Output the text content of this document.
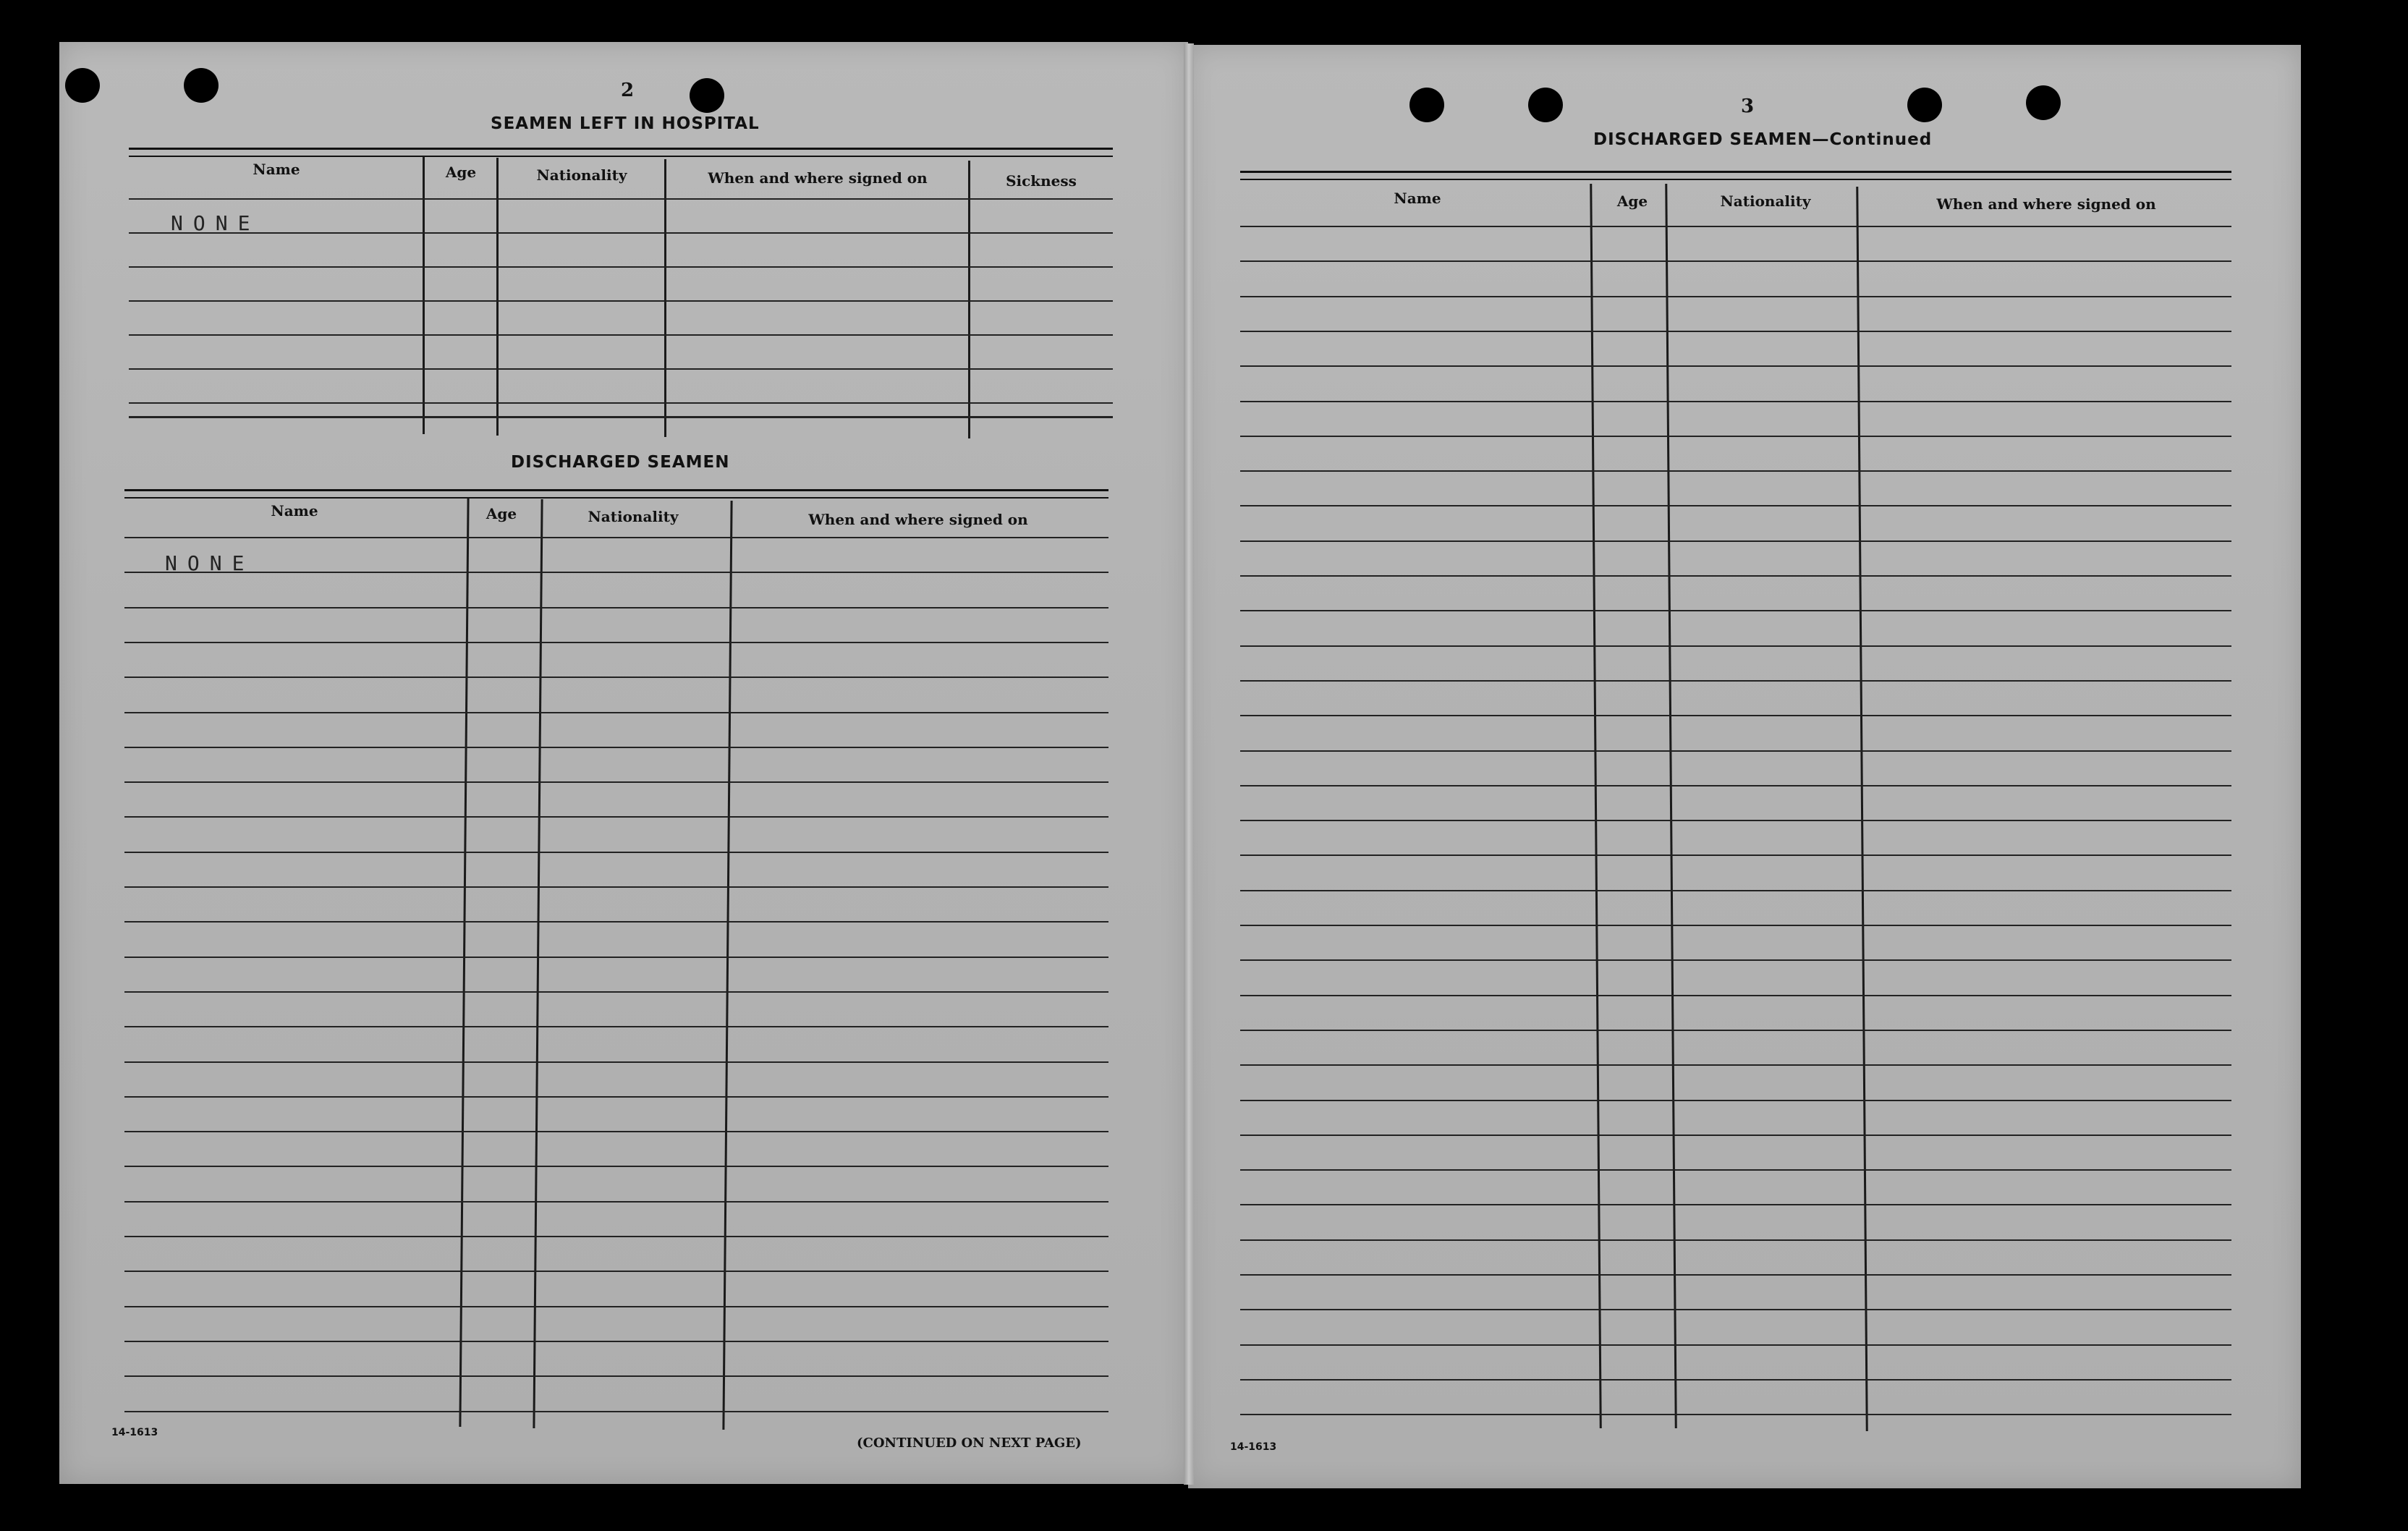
2
SEAMEN LEFT IN HOSPITAL
Name	Age	Nationality	When and where signed on	Sickness
NONE
DISCHARGED SEAMEN
Name	Age	Nationality	When and where signed on
NONE
14-1613
(CONTINUED ON NEXT PAGE)
3
DISCHARGED SEAMEN—Continued
Name	Age	Nationality	When and where signed on
14-1613
